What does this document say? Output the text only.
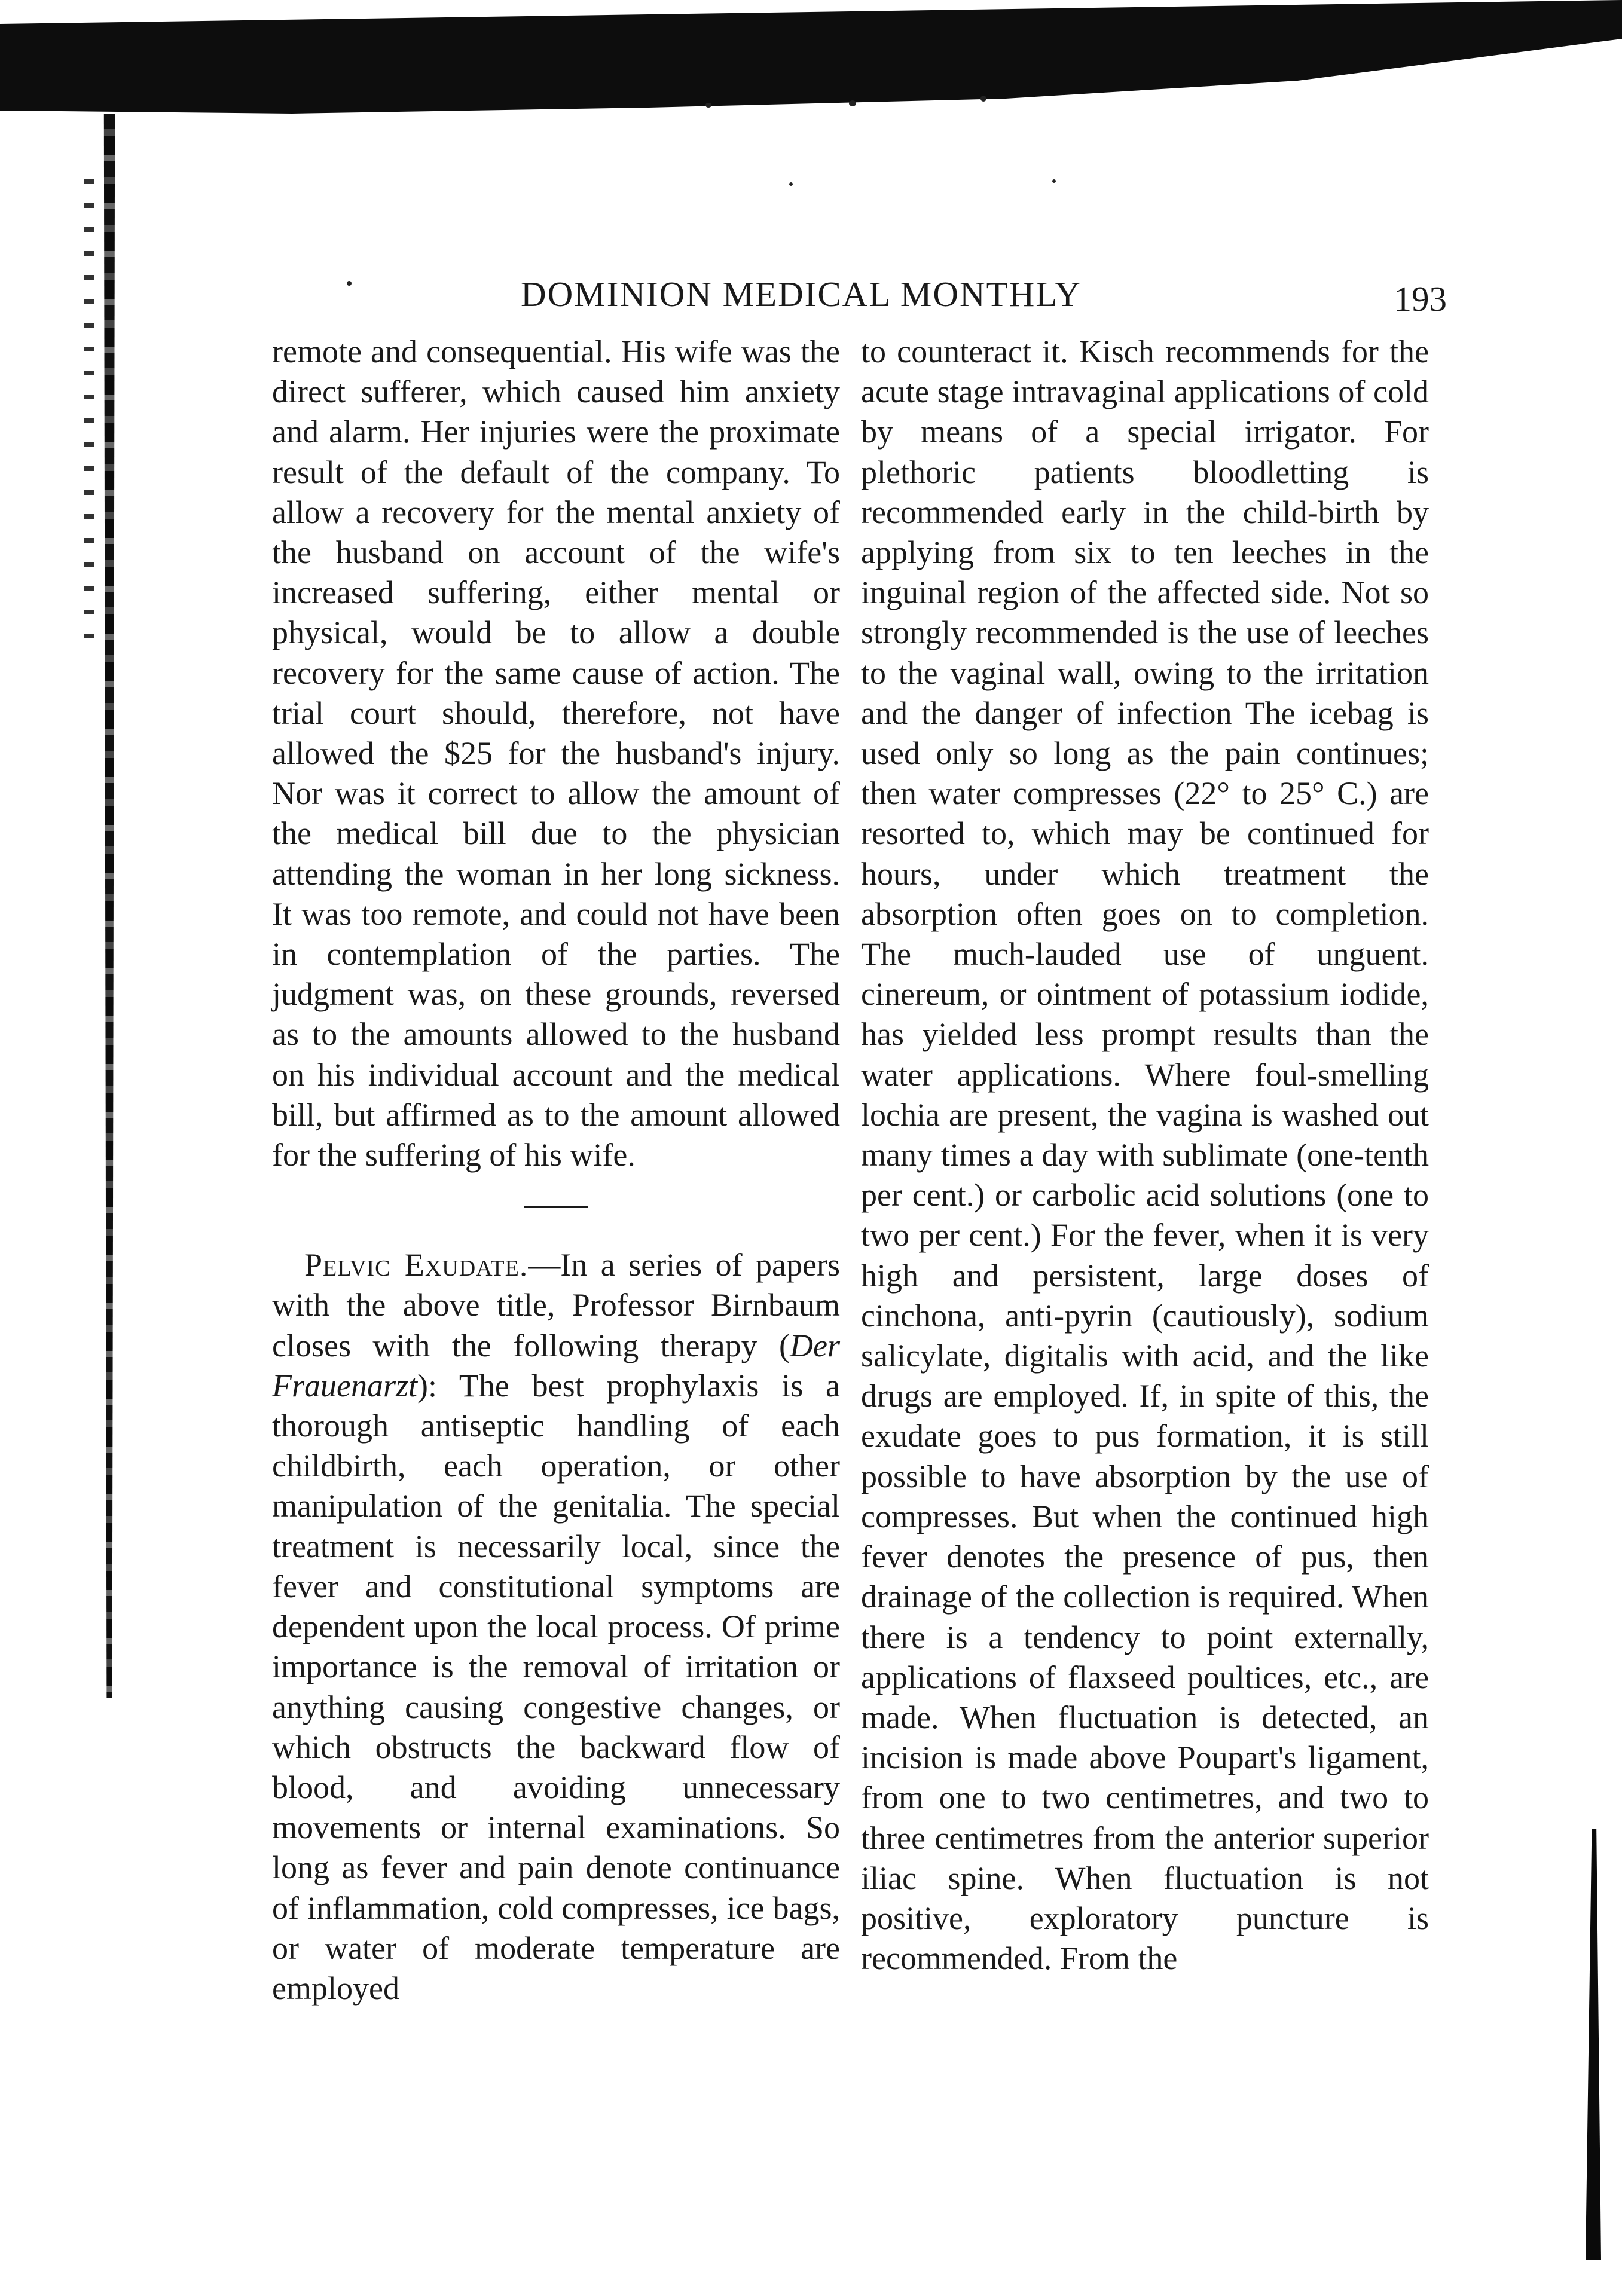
DOMINION MEDICAL MONTHLY	193

remote and consequential. His wife was the direct sufferer, which caused him anxiety and alarm. Her injuries were the proximate result of the default of the company. To allow a recovery for the mental anxiety of the husband on account of the wife's increased suffering, either mental or physical, would be to allow a double recovery for the same cause of action. The trial court should, therefore, not have allowed the $25 for the husband's injury. Nor was it correct to allow the amount of the medical bill due to the physician attending the woman in her long sickness. It was too remote, and could not have been in contemplation of the parties. The judgment was, on these grounds, reversed as to the amounts allowed to the husband on his individual account and the medical bill, but affirmed as to the amount allowed for the suffering of his wife.

Pelvic Exudate.—In a series of papers with the above title, Professor Birnbaum closes with the following therapy (Der Frauenarzt): The best prophylaxis is a thorough antiseptic handling of each childbirth, each operation, or other manipulation of the genitalia. The special treatment is necessarily local, since the fever and constitutional symptoms are dependent upon the local process. Of prime importance is the removal of irritation or anything causing congestive changes, or which obstructs the backward flow of blood, and avoiding unnecessary movements or internal examinations. So long as fever and pain denote continuance of inflammation, cold compresses, ice bags, or water of moderate temperature are employed

to counteract it. Kisch recommends for the acute stage intravaginal applications of cold by means of a special irrigator. For plethoric patients bloodletting is recommended early in the child-birth by applying from six to ten leeches in the inguinal region of the affected side. Not so strongly recommended is the use of leeches to the vaginal wall, owing to the irritation and the danger of infection The icebag is used only so long as the pain continues; then water compresses (22° to 25° C.) are resorted to, which may be continued for hours, under which treatment the absorption often goes on to completion. The much-lauded use of unguent. cinereum, or ointment of potassium iodide, has yielded less prompt results than the water applications. Where foul-smelling lochia are present, the vagina is washed out many times a day with sublimate (one-tenth per cent.) or carbolic acid solutions (one to two per cent.) For the fever, when it is very high and persistent, large doses of cinchona, anti-pyrin (cautiously), sodium salicylate, digitalis with acid, and the like drugs are employed. If, in spite of this, the exudate goes to pus formation, it is still possible to have absorption by the use of compresses. But when the continued high fever denotes the presence of pus, then drainage of the collection is required. When there is a tendency to point externally, applications of flaxseed poultices, etc., are made. When fluctuation is detected, an incision is made above Poupart's ligament, from one to two centimetres, and two to three centimetres from the anterior superior iliac spine. When fluctuation is not positive, exploratory puncture is recommended. From the
